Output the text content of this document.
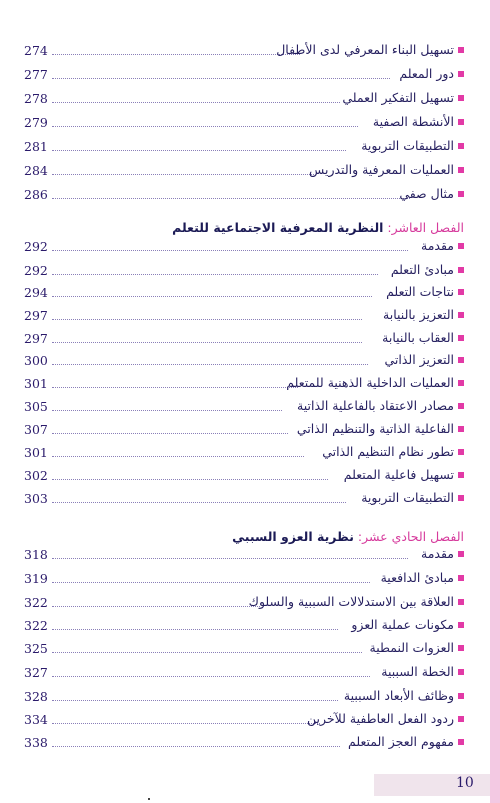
274	تسهيل البناء المعرفي لدى الأطفال
277	دور المعلم
278	تسهيل التفكير العملي
279	الأنشطة الصفية
281	التطبيقات التربوية
284	العمليات المعرفية والتدريس
286	مثال صفي
الفصل العاشر: النظرية المعرفية الاجتماعية للتعلم
292	مقدمة
292	مبادئ التعلم
294	نتاجات التعلم
297	التعزيز بالنيابة
297	العقاب بالنيابة
300	التعزيز الذاتي
301	العمليات الداخلية الذهنية للمتعلم
305	مصادر الاعتقاد بالفاعلية الذاتية
307	الفاعلية الذاتية والتنظيم الذاتي
301	تطور نظام التنظيم الذاتي
302	تسهيل فاعلية المتعلم
303	التطبيقات التربوية
الفصل الحادي عشر: نظرية العزو السببي
318	مقدمة
319	مبادئ الدافعية
322	العلاقة بين الاستدلالات السببية والسلوك
322	مكونات عملية العزو
325	العزوات النمطية
327	الخطة السببية
328	وظائف الأبعاد السببية
334	ردود الفعل العاطفية للآخرين
338	مفهوم العجز المتعلم
10
